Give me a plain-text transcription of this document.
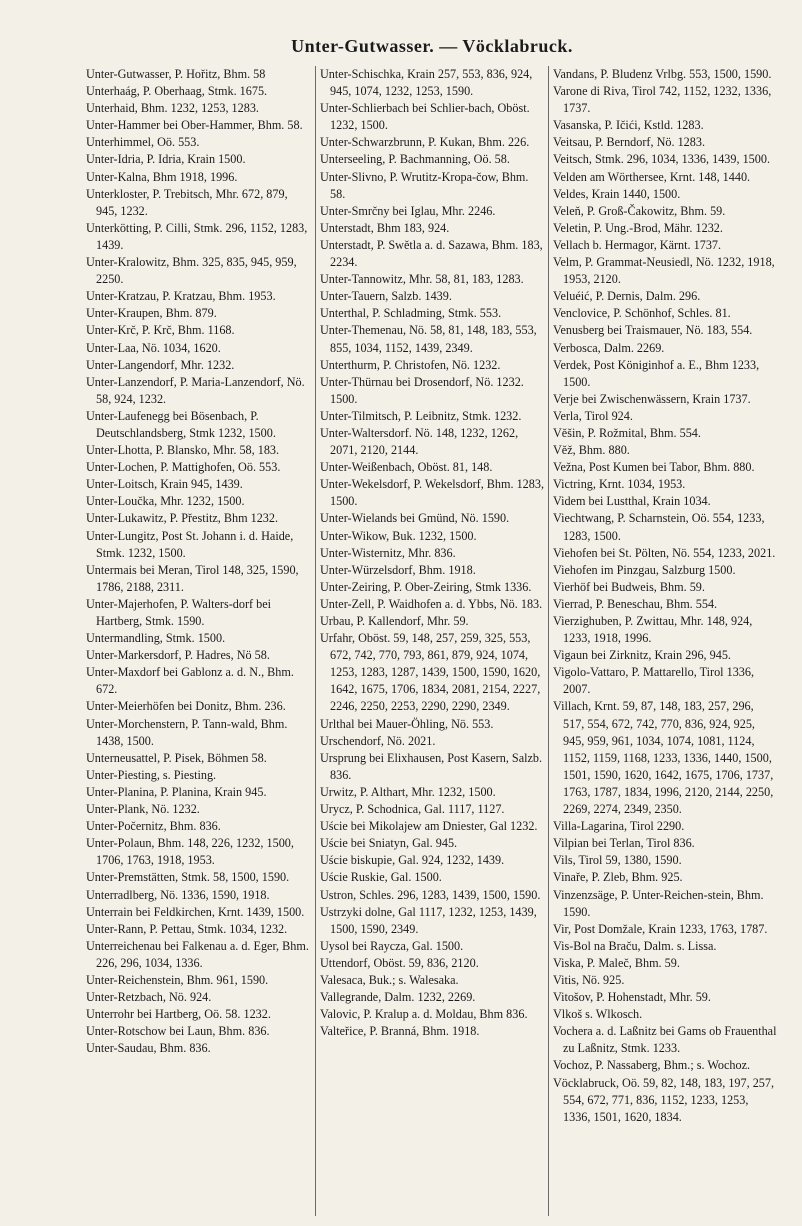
Unter-Gutwasser. — Vöcklabruck.

Unter-Gutwasser, P. Hořitz, Bhm. 58

Unterhaág, P. Oberhaag, Stmk. 1675.

Unterhaid, Bhm. 1232, 1253, 1283.

Unter-Hammer bei Ober-Hammer, Bhm. 58.

Unterhimmel, Oö. 553.

Unter-Idria, P. Idria, Krain 1500.

Unter-Kalna, Bhm 1918, 1996.

Unterkloster, P. Trebitsch, Mhr. 672, 879, 945, 1232.

Unterkötting, P. Cilli, Stmk. 296, 1152, 1283, 1439.

Unter-Kralowitz, Bhm. 325, 835, 945, 959, 2250.

Unter-Kratzau, P. Kratzau, Bhm. 1953.

Unter-Kraupen, Bhm. 879.

Unter-Krč, P. Krč, Bhm. 1168.

Unter-Laa, Nö. 1034, 1620.

Unter-Langendorf, Mhr. 1232.

Unter-Lanzendorf, P. Maria-Lanzendorf, Nö. 58, 924, 1232.

Unter-Laufenegg bei Bösenbach, P. Deutschlandsberg, Stmk 1232, 1500.

Unter-Lhotta, P. Blansko, Mhr. 58, 183.

Unter-Lochen, P. Mattighofen, Oö. 553.

Unter-Loitsch, Krain 945, 1439.

Unter-Loučka, Mhr. 1232, 1500.

Unter-Lukawitz, P. Přestitz, Bhm 1232.

Unter-Lungitz, Post St. Johann i. d. Haide, Stmk. 1232, 1500.

Untermais bei Meran, Tirol 148, 325, 1590, 1786, 2188, 2311.

Unter-Majerhofen, P. Walters-dorf bei Hartberg, Stmk. 1590.

Untermandling, Stmk. 1500.

Unter-Markersdorf, P. Hadres, Nö 58.

Unter-Maxdorf bei Gablonz a. d. N., Bhm. 672.

Unter-Meierhöfen bei Donitz, Bhm. 236.

Unter-Morchenstern, P. Tann-wald, Bhm. 1438, 1500.

Unterneusattel, P. Pisek, Böhmen 58.

Unter-Piesting, s. Piesting.

Unter-Planina, P. Planina, Krain 945.

Unter-Plank, Nö. 1232.

Unter-Počernitz, Bhm. 836.

Unter-Polaun, Bhm. 148, 226, 1232, 1500, 1706, 1763, 1918, 1953.

Unter-Premstätten, Stmk. 58, 1500, 1590.

Unterradlberg, Nö. 1336, 1590, 1918.

Unterrain bei Feldkirchen, Krnt. 1439, 1500.

Unter-Rann, P. Pettau, Stmk. 1034, 1232.

Unterreichenau bei Falkenau a. d. Eger, Bhm. 226, 296, 1034, 1336.

Unter-Reichenstein, Bhm. 961, 1590.

Unter-Retzbach, Nö. 924.

Unterrohr bei Hartberg, Oö. 58. 1232.

Unter-Rotschow bei Laun, Bhm. 836.

Unter-Saudau, Bhm. 836.

Unter-Schischka, Krain 257, 553, 836, 924, 945, 1074, 1232, 1253, 1590.

Unter-Schlierbach bei Schlier-bach, Oböst. 1232, 1500.

Unter-Schwarzbrunn, P. Kukan, Bhm. 226.

Unterseeling, P. Bachmanning, Oö. 58.

Unter-Slivno, P. Wrutitz-Kropa-čow, Bhm. 58.

Unter-Smrčny bei Iglau, Mhr. 2246.

Unterstadt, Bhm 183, 924.

Unterstadt, P. Swětla a. d. Sazawa, Bhm. 183, 2234.

Unter-Tannowitz, Mhr. 58, 81, 183, 1283.

Unter-Tauern, Salzb. 1439.

Unterthal, P. Schladming, Stmk. 553.

Unter-Themenau, Nö. 58, 81, 148, 183, 553, 855, 1034, 1152, 1439, 2349.

Unterthurm, P. Christofen, Nö. 1232.

Unter-Thürnau bei Drosendorf, Nö. 1232. 1500.

Unter-Tilmitsch, P. Leibnitz, Stmk. 1232.

Unter-Waltersdorf. Nö. 148, 1232, 1262, 2071, 2120, 2144.

Unter-Weißenbach, Oböst. 81, 148.

Unter-Wekelsdorf, P. Wekelsdorf, Bhm. 1283, 1500.

Unter-Wielands bei Gmünd, Nö. 1590.

Unter-Wikow, Buk. 1232, 1500.

Unter-Wisternitz, Mhr. 836.

Unter-Würzelsdorf, Bhm. 1918.

Unter-Zeiring, P. Ober-Zeiring, Stmk 1336.

Unter-Zell, P. Waidhofen a. d. Ybbs, Nö. 183.

Urbau, P. Kallendorf, Mhr. 59.

Urfahr, Oböst. 59, 148, 257, 259, 325, 553, 672, 742, 770, 793, 861, 879, 924, 1074, 1253, 1283, 1287, 1439, 1500, 1590, 1620, 1642, 1675, 1706, 1834, 2081, 2154, 2227, 2246, 2250, 2253, 2290, 2290, 2349.

Urlthal bei Mauer-Öhling, Nö. 553.

Urschendorf, Nö. 2021.

Ursprung bei Elixhausen, Post Kasern, Salzb. 836.

Urwitz, P. Althart, Mhr. 1232, 1500.

Urycz, P. Schodnica, Gal. 1117, 1127.

Uście bei Mikolajew am Dniester, Gal 1232.

Uście bei Sniatyn, Gal. 945.

Uście biskupie, Gal. 924, 1232, 1439.

Uście Ruskie, Gal. 1500.

Ustron, Schles. 296, 1283, 1439, 1500, 1590.

Ustrzyki dolne, Gal 1117, 1232, 1253, 1439, 1500, 1590, 2349.

Uysol bei Raycza, Gal. 1500.

Uttendorf, Oböst. 59, 836, 2120.

Valesaca, Buk.; s. Walesaka.

Vallegrande, Dalm. 1232, 2269.

Valovic, P. Kralup a. d. Moldau, Bhm 836.

Valteřice, P. Branná, Bhm. 1918.

Vandans, P. Bludenz Vrlbg. 553, 1500, 1590.

Varone di Riva, Tirol 742, 1152, 1232, 1336, 1737.

Vasanska, P. Ičići, Kstld. 1283.

Veitsau, P. Berndorf, Nö. 1283.

Veitsch, Stmk. 296, 1034, 1336, 1439, 1500.

Velden am Wörthersee, Krnt. 148, 1440.

Veldes, Krain 1440, 1500.

Veleň, P. Groß-Čakowitz, Bhm. 59.

Veletin, P. Ung.-Brod, Mähr. 1232.

Vellach b. Hermagor, Kärnt. 1737.

Velm, P. Grammat-Neusiedl, Nö. 1232, 1918, 1953, 2120.

Veluéić, P. Dernis, Dalm. 296.

Venclovice, P. Schönhof, Schles. 81.

Venusberg bei Traismauer, Nö. 183, 554.

Verbosca, Dalm. 2269.

Verdek, Post Königinhof a. E., Bhm 1233, 1500.

Verje bei Zwischenwässern, Krain 1737.

Verla, Tirol 924.

Věšin, P. Rožmital, Bhm. 554.

Věž, Bhm. 880.

Vežna, Post Kumen bei Tabor, Bhm. 880.

Victring, Krnt. 1034, 1953.

Videm bei Lustthal, Krain 1034.

Viechtwang, P. Scharnstein, Oö. 554, 1233, 1283, 1500.

Viehofen bei St. Pölten, Nö. 554, 1233, 2021.

Viehofen im Pinzgau, Salzburg 1500.

Vierhöf bei Budweis, Bhm. 59.

Vierrad, P. Beneschau, Bhm. 554.

Vierzighuben, P. Zwittau, Mhr. 148, 924, 1233, 1918, 1996.

Vigaun bei Zirknitz, Krain 296, 945.

Vigolo-Vattaro, P. Mattarello, Tirol 1336, 2007.

Villach, Krnt. 59, 87, 148, 183, 257, 296, 517, 554, 672, 742, 770, 836, 924, 925, 945, 959, 961, 1034, 1074, 1081, 1124, 1152, 1159, 1168, 1233, 1336, 1440, 1500, 1501, 1590, 1620, 1642, 1675, 1706, 1737, 1763, 1787, 1834, 1996, 2120, 2144, 2250, 2269, 2274, 2349, 2350.

Villa-Lagarina, Tirol 2290.

Vilpian bei Terlan, Tirol 836.

Vils, Tirol 59, 1380, 1590.

Vinaře, P. Zleb, Bhm. 925.

Vinzenzsäge, P. Unter-Reichen-stein, Bhm. 1590.

Vir, Post Domžale, Krain 1233, 1763, 1787.

Vis-Bol na Braču, Dalm. s. Lissa.

Viska, P. Maleč, Bhm. 59.

Vitis, Nö. 925.

Vitošov, P. Hohenstadt, Mhr. 59.

Vlkoš s. Wlkosch.

Vochera a. d. Laßnitz bei Gams ob Frauenthal zu Laßnitz, Stmk. 1233.

Vochoz, P. Nassaberg, Bhm.; s. Wochoz.

Vöcklabruck, Oö. 59, 82, 148, 183, 197, 257, 554, 672, 771, 836, 1152, 1233, 1253, 1336, 1501, 1620, 1834.
